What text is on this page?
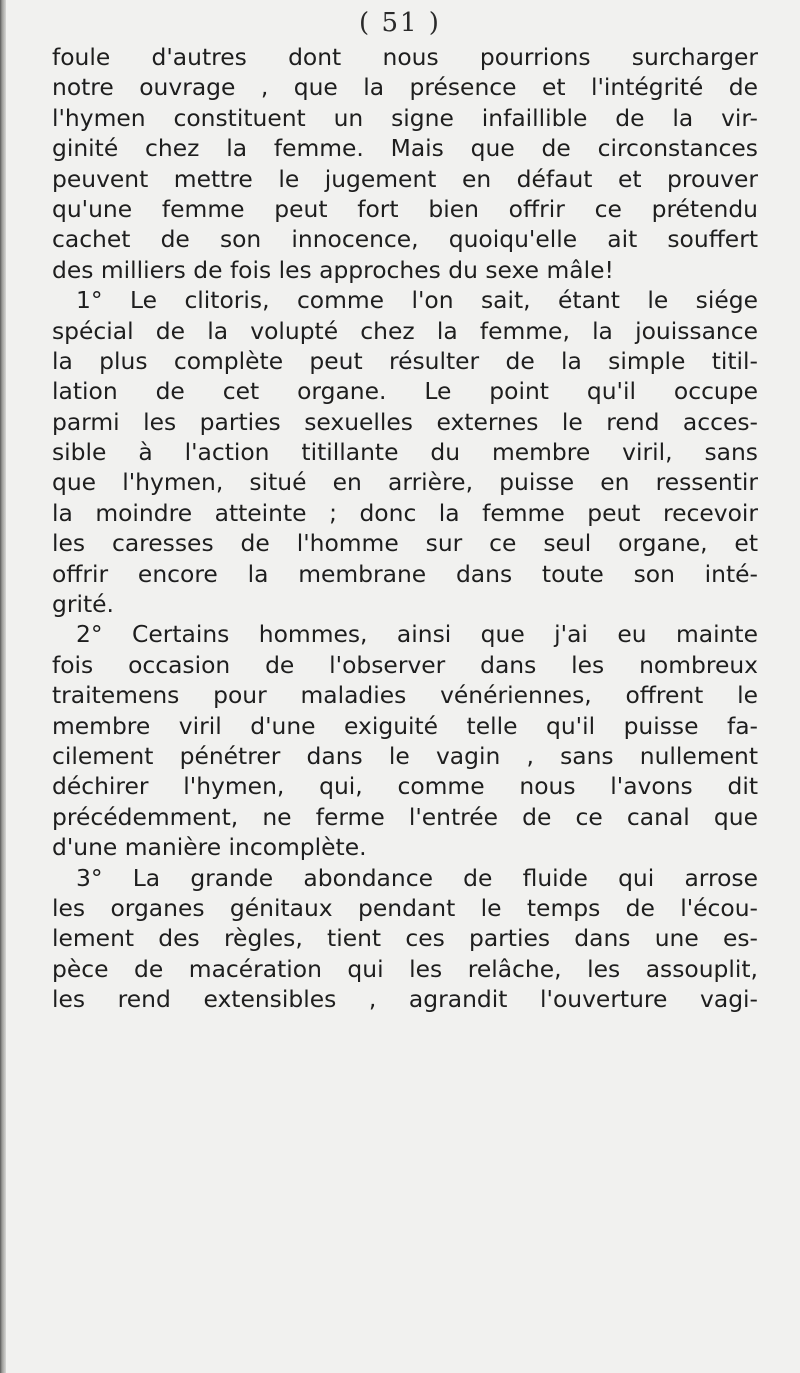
( 51 )
foule d'autres dont nous pourrions surcharger
notre ouvrage , que la présence et l'intégrité de
l'hymen constituent un signe infaillible de la vir-
ginité chez la femme. Mais que de circonstances
peuvent mettre le jugement en défaut et prouver
qu'une femme peut fort bien offrir ce prétendu
cachet de son innocence, quoiqu'elle ait souffert
des milliers de fois les approches du sexe mâle!
1° Le clitoris, comme l'on sait, étant le siége
spécial de la volupté chez la femme, la jouissance
la plus complète peut résulter de la simple titil-
lation de cet organe. Le point qu'il occupe
parmi les parties sexuelles externes le rend acces-
sible à l'action titillante du membre viril, sans
que l'hymen, situé en arrière, puisse en ressentir
la moindre atteinte ; donc la femme peut recevoir
les caresses de l'homme sur ce seul organe, et
offrir encore la membrane dans toute son inté-
grité.
2° Certains hommes, ainsi que j'ai eu mainte
fois occasion de l'observer dans les nombreux
traitemens pour maladies vénériennes, offrent le
membre viril d'une exiguité telle qu'il puisse fa-
cilement pénétrer dans le vagin , sans nullement
déchirer l'hymen, qui, comme nous l'avons dit
précédemment, ne ferme l'entrée de ce canal que
d'une manière incomplète.
3° La grande abondance de fluide qui arrose
les organes génitaux pendant le temps de l'écou-
lement des règles, tient ces parties dans une es-
pèce de macération qui les relâche, les assouplit,
les rend extensibles , agrandit l'ouverture vagi-
